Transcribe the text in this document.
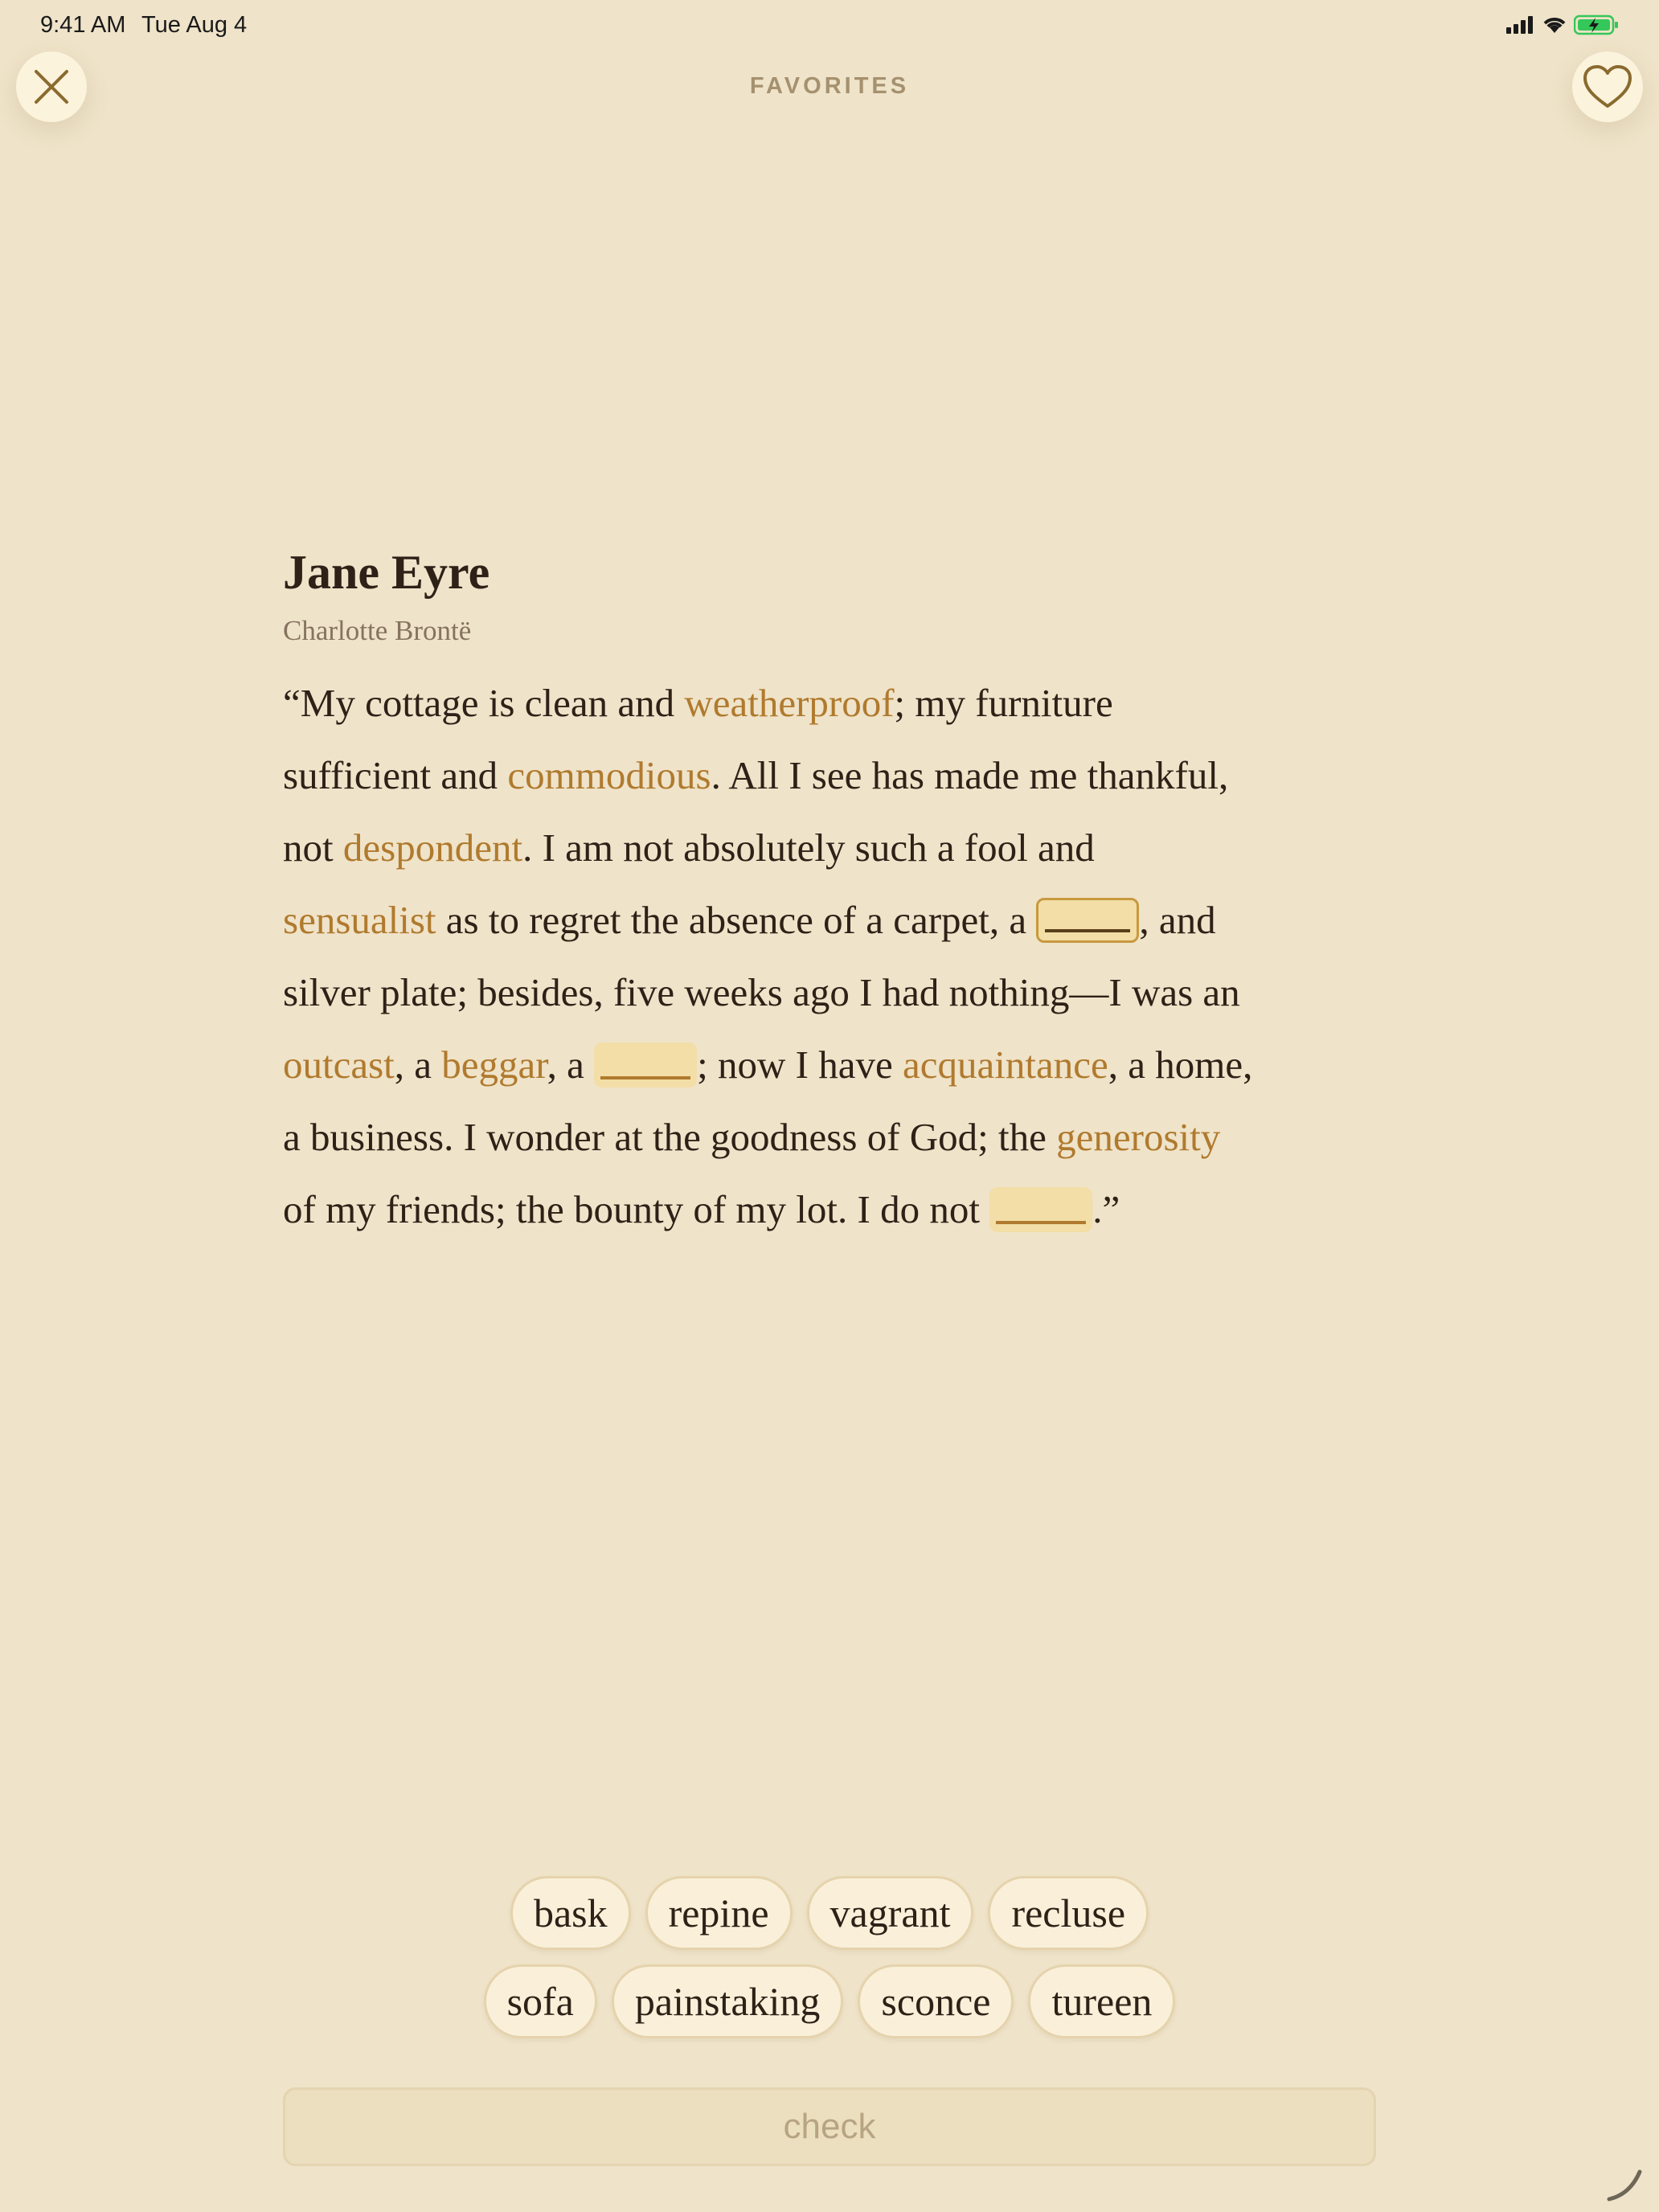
9:41 AM Tue Aug 4
FAVORITES
Jane Eyre
Charlotte Brontë
“My cottage is clean and weatherproof; my furniture
sufficient and commodious. All I see has made me thankful,
not despondent. I am not absolutely such a fool and
sensualist as to regret the absence of a carpet, a	, and
silver plate; besides, five weeks ago I had nothing—I was an
outcast, a beggar, a	; now I have acquaintance, a home,
a business. I wonder at the goodness of God; the generosity
of my friends; the bounty of my lot. I do not	.”
bask	repine	vagrant	recluse
sofa	painstaking	sconce	tureen
check
